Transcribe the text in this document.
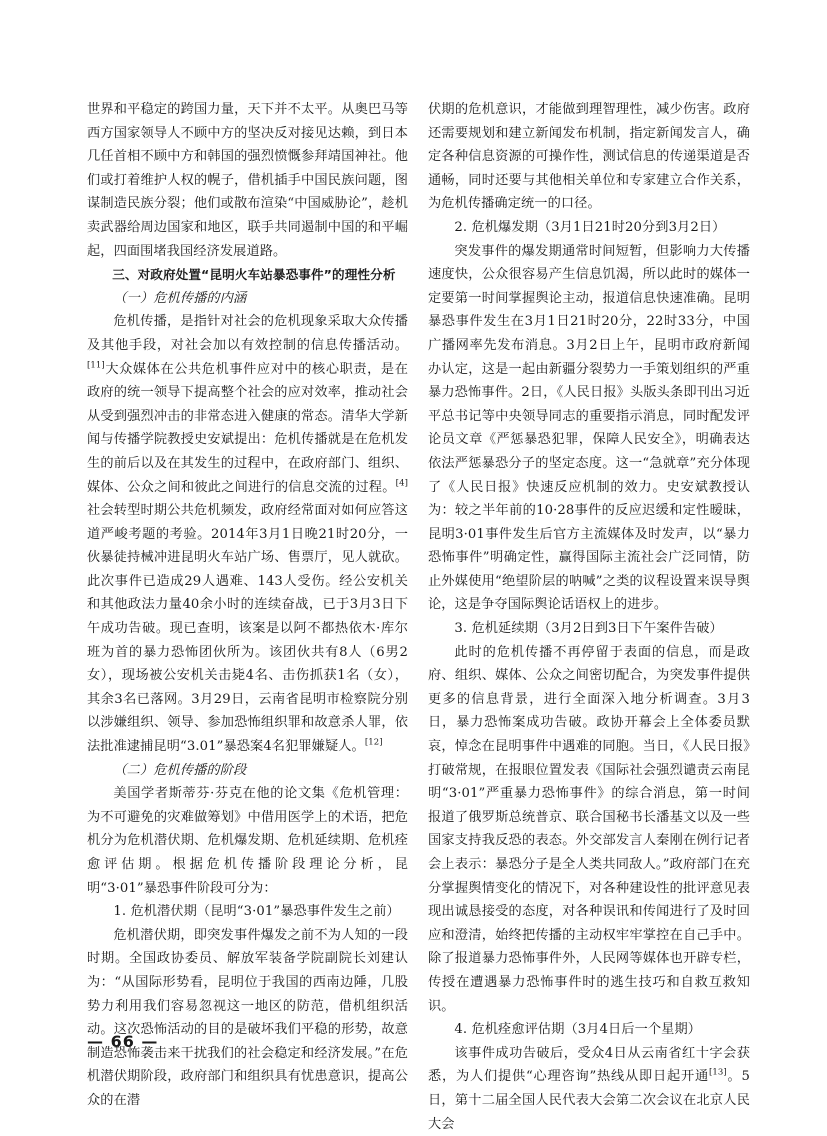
世界和平稳定的跨国力量，天下并不太平。从奥巴马等西方国家领导人不顾中方的坚决反对接见达赖，到日本几任首相不顾中方和韩国的强烈愤慨参拜靖国神社。他们或打着维护人权的幌子，借机插手中国民族问题，图谋制造民族分裂；他们或散布渲染“中国威胁论”，趁机卖武器给周边国家和地区，联手共同遏制中国的和平崛起，四面围堵我国经济发展道路。

三、对政府处置“昆明火车站暴恐事件”的理性分析

（一）危机传播的内涵

危机传播，是指针对社会的危机现象采取大众传播及其他手段，对社会加以有效控制的信息传播活动。[11]大众媒体在公共危机事件应对中的核心职责，是在政府的统一领导下提高整个社会的应对效率，推动社会从受到强烈冲击的非常态进入健康的常态。清华大学新闻与传播学院教授史安斌提出：危机传播就是在危机发生的前后以及在其发生的过程中，在政府部门、组织、媒体、公众之间和彼此之间进行的信息交流的过程。[4]社会转型时期公共危机频发，政府经常面对如何应答这道严峻考题的考验。2014年3月1日晚21时20分，一伙暴徒持械冲进昆明火车站广场、售票厅，见人就砍。此次事件已造成29人遇难、143人受伤。经公安机关和其他政法力量40余小时的连续奋战，已于3月3日下午成功告破。现已查明，该案是以阿不都热依木·库尔班为首的暴力恐怖团伙所为。该团伙共有8人（6男2女），现场被公安机关击毙4名、击伤抓获1名（女），其余3名已落网。3月29日，云南省昆明市检察院分别以涉嫌组织、领导、参加恐怖组织罪和故意杀人罪，依法批准逮捕昆明“3.01”暴恐案4名犯罪嫌疑人。[12]

（二）危机传播的阶段

美国学者斯蒂芬·芬克在他的论文集《危机管理：为不可避免的灾难做筹划》中借用医学上的术语，把危机分为危机潜伏期、危机爆发期、危机延续期、危机痊愈评估期。根据危机传播阶段理论分析，昆明“3·01”暴恐事件阶段可分为：

1. 危机潜伏期（昆明“3·01”暴恐事件发生之前）

危机潜伏期，即突发事件爆发之前不为人知的一段时期。全国政协委员、解放军装备学院副院长刘建认为：“从国际形势看，昆明位于我国的西南边陲，几股势力利用我们容易忽视这一地区的防范，借机组织活动。这次恐怖活动的目的是破坏我们平稳的形势，故意制造恐怖袭击来干扰我们的社会稳定和经济发展。”在危机潜伏期阶段，政府部门和组织具有忧患意识，提高公众的在潜

伏期的危机意识，才能做到理智理性，减少伤害。政府还需要规划和建立新闻发布机制，指定新闻发言人，确定各种信息资源的可操作性，测试信息的传递渠道是否通畅，同时还要与其他相关单位和专家建立合作关系，为危机传播确定统一的口径。

2. 危机爆发期（3月1日21时20分到3月2日）

突发事件的爆发期通常时间短暂，但影响力大传播速度快，公众很容易产生信息饥渴，所以此时的媒体一定要第一时间掌握舆论主动，报道信息快速准确。昆明暴恐事件发生在3月1日21时20分，22时33分，中国广播网率先发布消息。3月2日上午，昆明市政府新闻办认定，这是一起由新疆分裂势力一手策划组织的严重暴力恐怖事件。2日，《人民日报》头版头条即刊出习近平总书记等中央领导同志的重要指示消息，同时配发评论员文章《严惩暴恐犯罪，保障人民安全》，明确表达依法严惩暴恐分子的坚定态度。这一“急就章”充分体现了《人民日报》快速反应机制的效力。史安斌教授认为：较之半年前的10·28事件的反应迟缓和定性暧昧，昆明3·01事件发生后官方主流媒体及时发声，以“暴力恐怖事件”明确定性，赢得国际主流社会广泛同情，防止外媒使用“绝望阶层的呐喊”之类的议程设置来误导舆论，这是争夺国际舆论话语权上的进步。

3. 危机延续期（3月2日到3日下午案件告破）

此时的危机传播不再停留于表面的信息，而是政府、组织、媒体、公众之间密切配合，为突发事件提供更多的信息背景，进行全面深入地分析调查。3月3日，暴力恐怖案成功告破。政协开幕会上全体委员默哀，悼念在昆明事件中遇难的同胞。当日，《人民日报》打破常规，在报眼位置发表《国际社会强烈谴责云南昆明“3·01”严重暴力恐怖事件》的综合消息，第一时间报道了俄罗斯总统普京、联合国秘书长潘基文以及一些国家支持我反恐的表态。外交部发言人秦刚在例行记者会上表示：暴恐分子是全人类共同敌人。”政府部门在充分掌握舆情变化的情况下，对各种建设性的批评意见表现出诚恳接受的态度，对各种误讯和传闻进行了及时回应和澄清，始终把传播的主动权牢牢掌控在自己手中。除了报道暴力恐怖事件外，人民网等媒体也开辟专栏，传授在遭遇暴力恐怖事件时的逃生技巧和自救互救知识。

4. 危机痊愈评估期（3月4日后一个星期）

该事件成功告破后，受众4日从云南省红十字会获悉，为人们提供“心理咨询”热线从即日起开通[13]。5日，第十二届全国人民代表大会第二次会议在北京人民大会

— 66 —
